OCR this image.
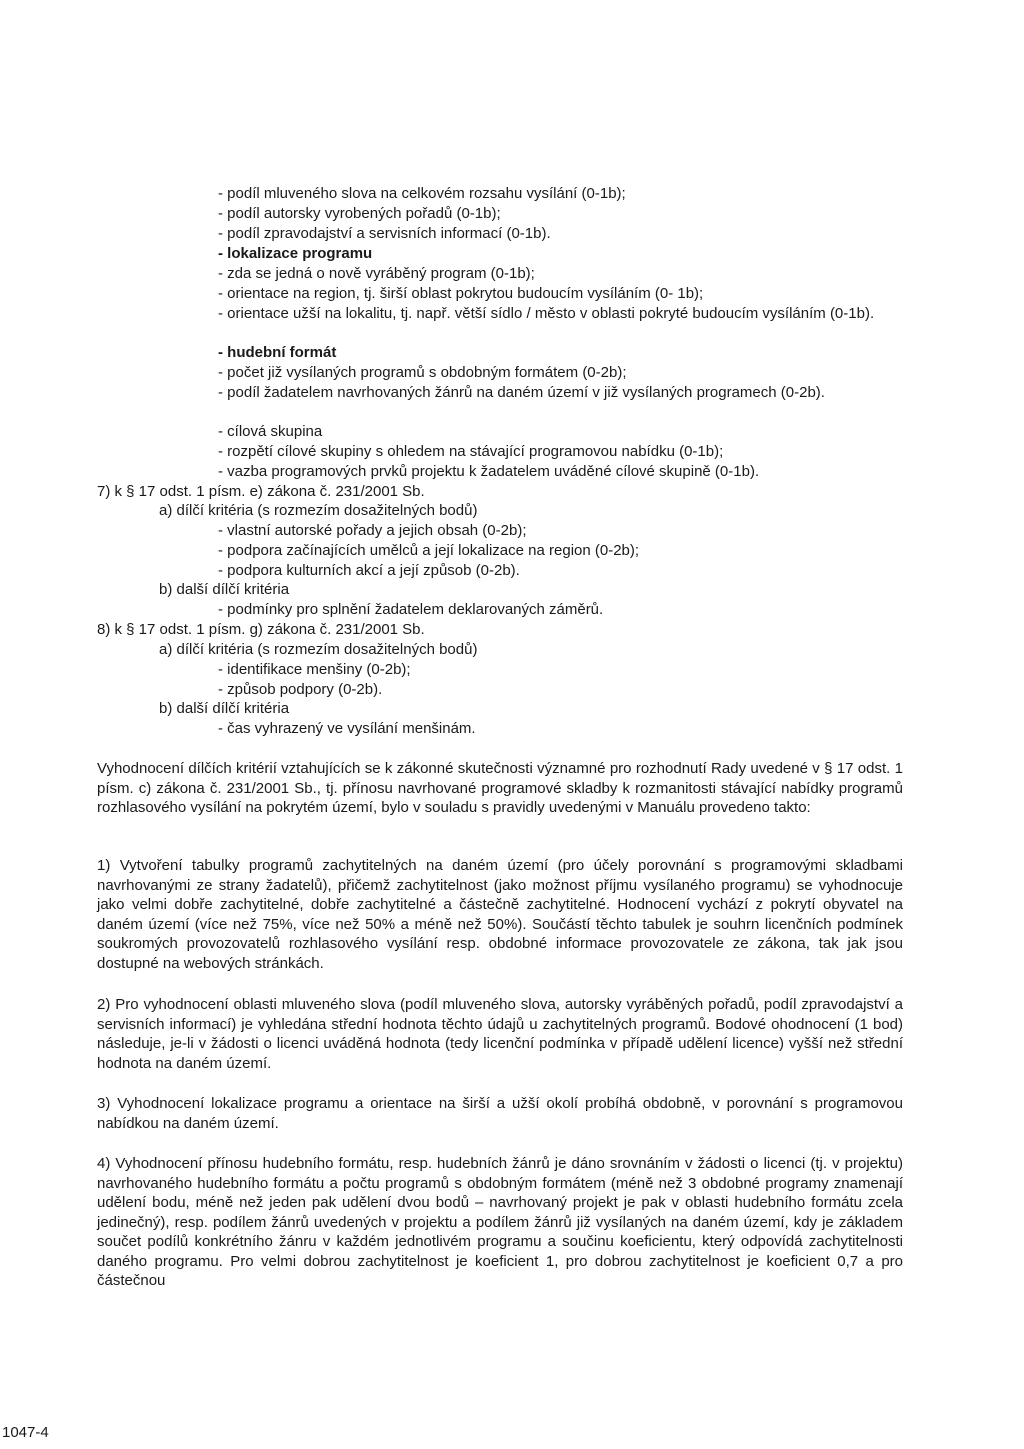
- podíl mluveného slova na celkovém rozsahu vysílání (0-1b);

- podíl autorsky vyrobených pořadů (0-1b);

- podíl zpravodajství a servisních informací (0-1b).

- lokalizace programu

- zda se jedná o nově vyráběný program (0-1b);

- orientace na region, tj. širší oblast pokrytou budoucím vysíláním (0- 1b);

- orientace užší na lokalitu, tj. např. větší sídlo / město v oblasti pokryté budoucím vysíláním (0-1b).

- hudební formát

- počet již vysílaných programů s obdobným formátem (0-2b);

- podíl žadatelem navrhovaných žánrů na daném území v již vysílaných programech (0-2b).

- cílová skupina

- rozpětí cílové skupiny s ohledem na stávající programovou nabídku (0-1b);

- vazba programových prvků projektu k žadatelem uváděné cílové skupině (0-1b).

7) k § 17 odst. 1 písm. e) zákona č. 231/2001 Sb.

a) dílčí kritéria (s rozmezím dosažitelných bodů)

- vlastní autorské pořady a jejich obsah (0-2b);

- podpora začínajících umělců a její lokalizace na region (0-2b);

- podpora kulturních akcí a její způsob (0-2b).

b) další dílčí kritéria

- podmínky pro splnění žadatelem deklarovaných záměrů.

8) k § 17 odst. 1 písm. g) zákona č. 231/2001 Sb.

a) dílčí kritéria (s rozmezím dosažitelných bodů)

- identifikace menšiny (0-2b);

- způsob podpory (0-2b).

b) další dílčí kritéria

- čas vyhrazený ve vysílání menšinám.

Vyhodnocení dílčích kritérií vztahujících se k zákonné skutečnosti významné pro rozhodnutí Rady uvedené v § 17 odst. 1 písm. c) zákona č. 231/2001 Sb., tj. přínosu navrhované programové skladby k rozmanitosti stávající nabídky programů rozhlasového vysílání na pokrytém území, bylo v souladu s pravidly uvedenými v Manuálu provedeno takto:

1) Vytvoření tabulky programů zachytitelných na daném území (pro účely porovnání s programovými skladbami navrhovanými ze strany žadatelů), přičemž zachytitelnost (jako možnost příjmu vysílaného programu) se vyhodnocuje jako velmi dobře zachytitelné, dobře zachytitelné a částečně zachytitelné. Hodnocení vychází z pokrytí obyvatel na daném území (více než 75%, více než 50% a méně než 50%). Součástí těchto tabulek je souhrn licenčních podmínek soukromých provozovatelů rozhlasového vysílání resp. obdobné informace provozovatele ze zákona, tak jak jsou dostupné na webových stránkách.

2) Pro vyhodnocení oblasti mluveného slova (podíl mluveného slova, autorsky vyráběných pořadů, podíl zpravodajství a servisních informací) je vyhledána střední hodnota těchto údajů u zachytitelných programů. Bodové ohodnocení (1 bod) následuje, je-li v žádosti o licenci uváděná hodnota (tedy licenční podmínka v případě udělení licence) vyšší než střední hodnota na daném území.

3) Vyhodnocení lokalizace programu a orientace na širší a užší okolí probíhá obdobně, v porovnání s programovou nabídkou na daném území.

4) Vyhodnocení přínosu hudebního formátu, resp. hudebních žánrů je dáno srovnáním v žádosti o licenci (tj. v projektu) navrhovaného hudebního formátu a počtu programů s obdobným formátem (méně než 3 obdobné programy znamenají udělení bodu, méně než jeden pak udělení dvou bodů – navrhovaný projekt je pak v oblasti hudebního formátu zcela jedinečný), resp. podílem žánrů uvedených v projektu a podílem žánrů již vysílaných na daném území, kdy je základem součet podílů konkrétního žánru v každém jednotlivém programu a součinu koeficientu, který odpovídá zachytitelnosti daného programu. Pro velmi dobrou zachytitelnost je koeficient 1, pro dobrou zachytitelnost je koeficient 0,7 a pro částečnou

1047-4
